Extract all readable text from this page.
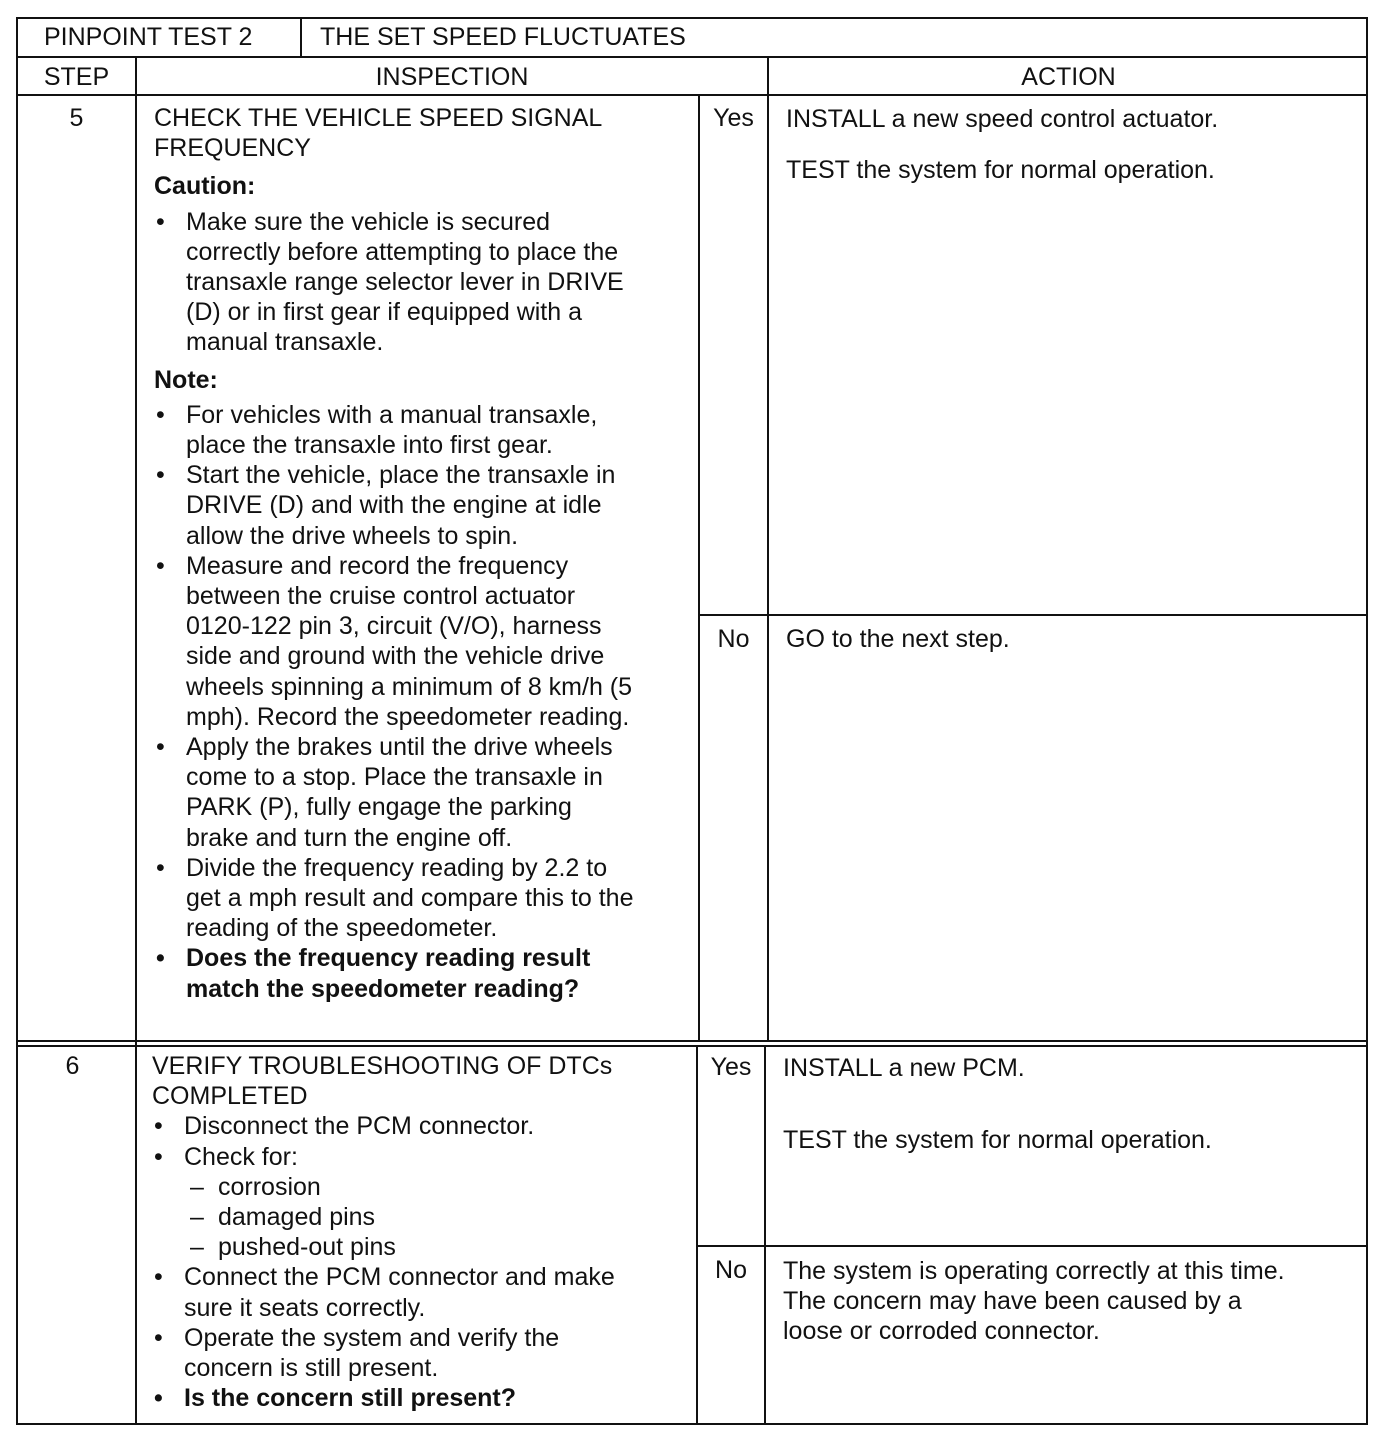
PINPOINT TEST 2	THE SET SPEED FLUCTUATES
STEP	INSPECTION	ACTION
5	CHECK THE VEHICLE SPEED SIGNAL
FREQUENCY
Caution:
• Make sure the vehicle is secured
correctly before attempting to place the
transaxle range selector lever in DRIVE
(D) or in first gear if equipped with a
manual transaxle.
Note:
• For vehicles with a manual transaxle,
place the transaxle into first gear.
• Start the vehicle, place the transaxle in
DRIVE (D) and with the engine at idle
allow the drive wheels to spin.
• Measure and record the frequency
between the cruise control actuator
0120-122 pin 3, circuit (V/O), harness
side and ground with the vehicle drive
wheels spinning a minimum of 8 km/h (5
mph). Record the speedometer reading.
• Apply the brakes until the drive wheels
come to a stop. Place the transaxle in
PARK (P), fully engage the parking
brake and turn the engine off.
• Divide the frequency reading by 2.2 to
get a mph result and compare this to the
reading of the speedometer.
• Does the frequency reading result
match the speedometer reading?
Yes	INSTALL a new speed control actuator.

TEST the system for normal operation.

No	GO to the next step.
6	VERIFY TROUBLESHOOTING OF DTCs
COMPLETED
• Disconnect the PCM connector.
• Check for:
– corrosion
– damaged pins
– pushed-out pins
• Connect the PCM connector and make
sure it seats correctly.
• Operate the system and verify the
concern is still present.
• Is the concern still present?
Yes	INSTALL a new PCM.

TEST the system for normal operation.

No	The system is operating correctly at this time.
The concern may have been caused by a
loose or corroded connector.
